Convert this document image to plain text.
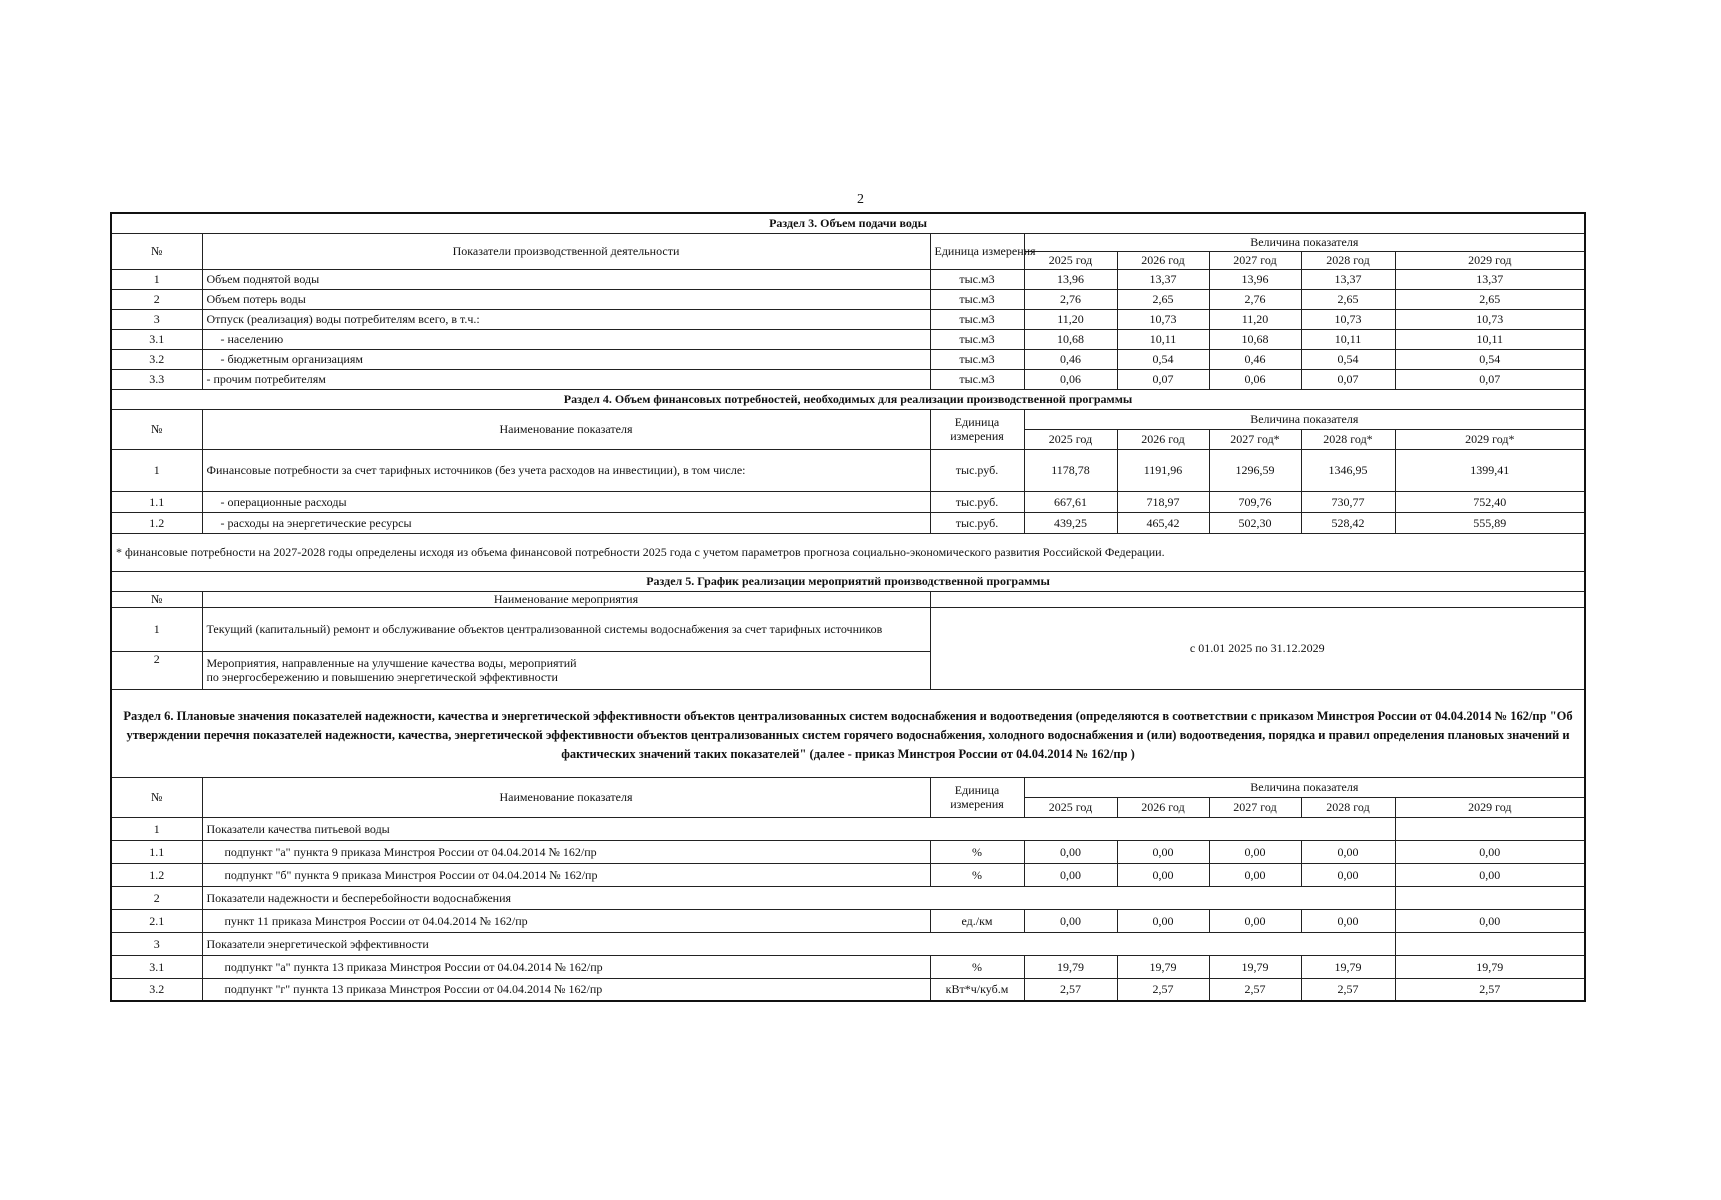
2
Раздел 3. Объем подачи воды							
№	Показатели производственной деятельности	Единица измерения	Величина показателя				
			2025 год	2026 год	2027 год	2028 год	2029 год
1	Объем поднятой воды	тыс.м3	13,96	13,37	13,96	13,37	13,37
2	Объем потерь воды	тыс.м3	2,76	2,65	2,76	2,65	2,65
3	Отпуск (реализация) воды потребителям всего, в т.ч.:	тыс.м3	11,20	10,73	11,20	10,73	10,73
3.1	- населению	тыс.м3	10,68	10,11	10,68	10,11	10,11
3.2	- бюджетным организациям	тыс.м3	0,46	0,54	0,46	0,54	0,54
3.3	- прочим потребителям	тыс.м3	0,06	0,07	0,06	0,07	0,07
Раздел 4. Объем финансовых потребностей, необходимых для реализации производственной программы							
№	Наименование показателя	Единица
измерения	Величина показателя				
			2025 год	2026 год	2027 год*	2028 год*	2029 год*
1	Финансовые потребности за счет тарифных источников (без учета расходов на инвестиции), в том числе:	тыс.руб.	1178,78	1191,96	1296,59	1346,95	1399,41
1.1	- операционные расходы	тыс.руб.	667,61	718,97	709,76	730,77	752,40
1.2	- расходы на энергетические ресурсы	тыс.руб.	439,25	465,42	502,30	528,42	555,89
* финансовые потребности на 2027-2028 годы определены исходя из объема финансовой потребности 2025 года с учетом параметров прогноза социально-экономического развития Российской Федерации.							
Раздел 5. График реализации мероприятий производственной программы							
№	Наименование мероприятия						
1	Текущий (капитальный) ремонт и обслуживание объектов централизованной системы водоснабжения за счет тарифных источников	с 01.01 2025 по 31.12.2029					
2	Мероприятия, направленные на улучшение качества воды, мероприятий
по энергосбережению и повышению энергетической эффективности						
Раздел 6. Плановые значения показателей надежности, качества и энергетической эффективности объектов централизованных систем водоснабжения и водоотведения (определяются в соответствии с приказом Минстроя России от 04.04.2014 № 162/пр "Об утверждении перечня показателей надежности, качества, энергетической эффективности объектов централизованных систем горячего водоснабжения, холодного водоснабжения и (или) водоотведения, порядка и правил определения плановых значений и фактических значений таких показателей" (далее - приказ Минстроя России от 04.04.2014 № 162/пр )							
№	Наименование показателя	Единица
измерения	Величина показателя				
			2025 год	2026 год	2027 год	2028 год	2029 год
1	Показатели качества питьевой воды						
1.1	подпункт "а" пункта 9 приказа Минстроя России от 04.04.2014 № 162/пр	%	0,00	0,00	0,00	0,00	0,00
1.2	подпункт "б" пункта 9 приказа Минстроя России от 04.04.2014 № 162/пр	%	0,00	0,00	0,00	0,00	0,00
2	Показатели надежности и бесперебойности водоснабжения						
2.1	пункт 11 приказа Минстроя России от 04.04.2014 № 162/пр	ед./км	0,00	0,00	0,00	0,00	0,00
3	Показатели энергетической эффективности						
3.1	подпункт "а" пункта 13 приказа Минстроя России от 04.04.2014 № 162/пр	%	19,79	19,79	19,79	19,79	19,79
3.2	подпункт "г" пункта 13 приказа Минстроя России от 04.04.2014 № 162/пр	кВт*ч/куб.м	2,57	2,57	2,57	2,57	2,57
